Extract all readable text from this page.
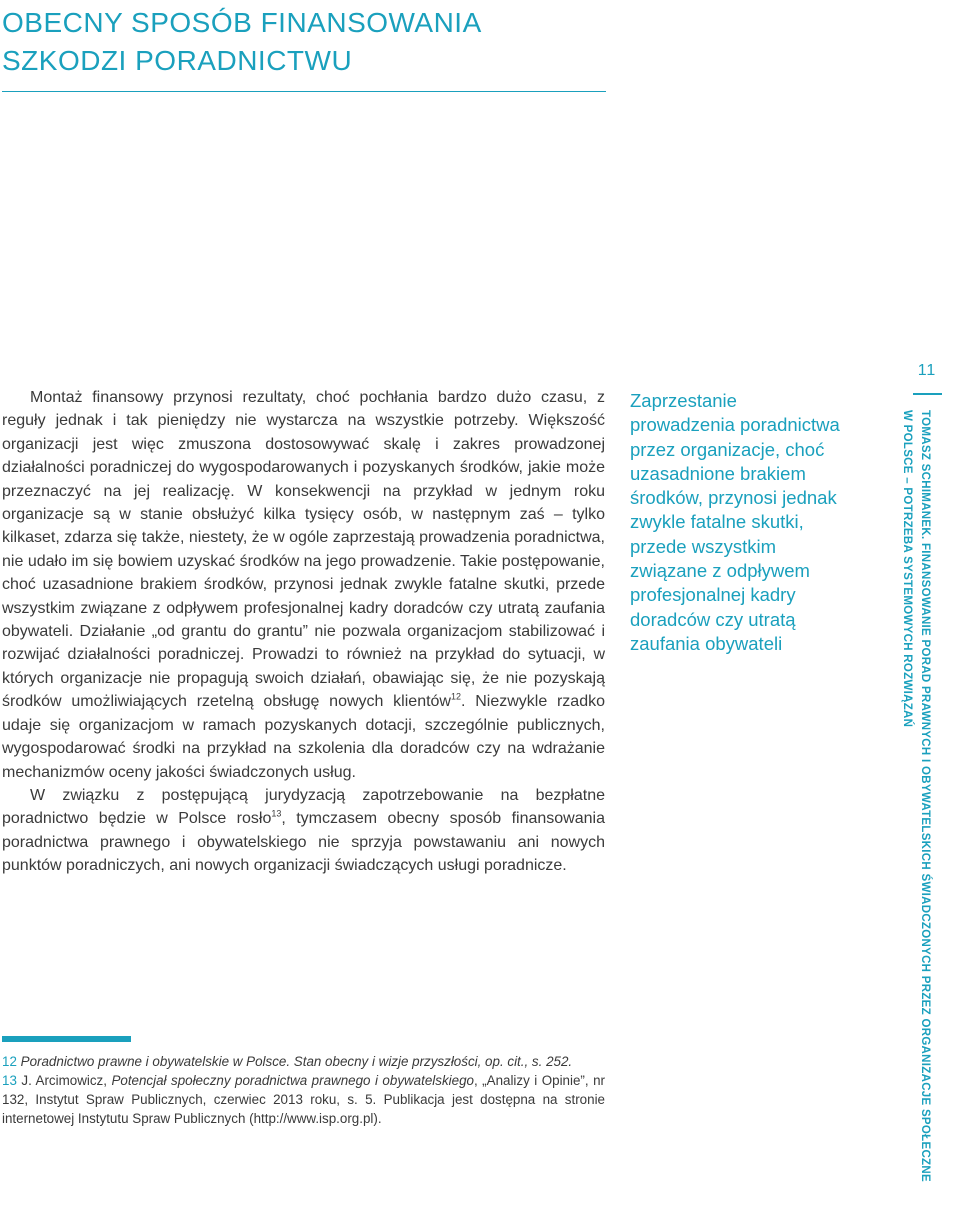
OBECNY SPOSÓB FINANSOWANIA SZKODZI PORADNICTWU

Montaż finansowy przynosi rezultaty, choć pochłania bardzo dużo czasu, z reguły jednak i tak pieniędzy nie wystarcza na wszystkie potrzeby. Większość organizacji jest więc zmuszona dostosowywać skalę i zakres prowadzonej działalności poradniczej do wygospodarowanych i pozyskanych środków, jakie może przeznaczyć na jej realizację. W konsekwencji na przykład w jednym roku organizacje są w stanie obsłużyć kilka tysięcy osób, w następnym zaś – tylko kilkaset, zdarza się także, niestety, że w ogóle zaprzestają prowadzenia poradnictwa, nie udało im się bowiem uzyskać środków na jego prowadzenie. Takie postępowanie, choć uzasadnione brakiem środków, przynosi jednak zwykle fatalne skutki, przede wszystkim związane z odpływem profesjonalnej kadry doradców czy utratą zaufania obywateli. Działanie „od grantu do grantu” nie pozwala organizacjom stabilizować i rozwijać działalności poradniczej. Prowadzi to również na przykład do sytuacji, w których organizacje nie propagują swoich działań, obawiając się, że nie pozyskają środków umożliwiających rzetelną obsługę nowych klientów$^{12}$. Niezwykle rzadko udaje się organizacjom w ramach pozyskanych dotacji, szczególnie publicznych, wygospodarować środki na przykład na szkolenia dla doradców czy na wdrażanie mechanizmów oceny jakości świadczonych usług.

W związku z postępującą jurydyzacją zapotrzebowanie na bezpłatne poradnictwo będzie w Polsce rosło$^{13}$, tymczasem obecny sposób finansowania poradnictwa prawnego i obywatelskiego nie sprzyja powstawaniu ani nowych punktów poradniczych, ani nowych organizacji świadczących usługi poradnicze.

Zaprzestanie prowadzenia poradnictwa przez organizacje, choć uzasadnione brakiem środków, przynosi jednak zwykle fatalne skutki, przede wszystkim związane z odpływem profesjonalnej kadry doradców czy utratą zaufania obywateli

12 Poradnictwo prawne i obywatelskie w Polsce. Stan obecny i wizje przyszłości, op. cit., s. 252.

13 J. Arcimowicz, Potencjał społeczny poradnictwa prawnego i obywatelskiego, „Analizy i Opinie”, nr 132, Instytut Spraw Publicznych, czerwiec 2013 roku, s. 5. Publikacja jest dostępna na stronie internetowej Instytutu Spraw Publicznych (http://www.isp.org.pl).

11
TOMASZ SCHIMANEK. FINANSOWANIE PORAD PRAWNYCH I OBYWATELSKICH ŚWIADCZONYCH PRZEZ ORGANIZACJE SPOŁECZNE
W POLSCE – POTRZEBA SYSTEMOWYCH ROZWIĄZAŃ
